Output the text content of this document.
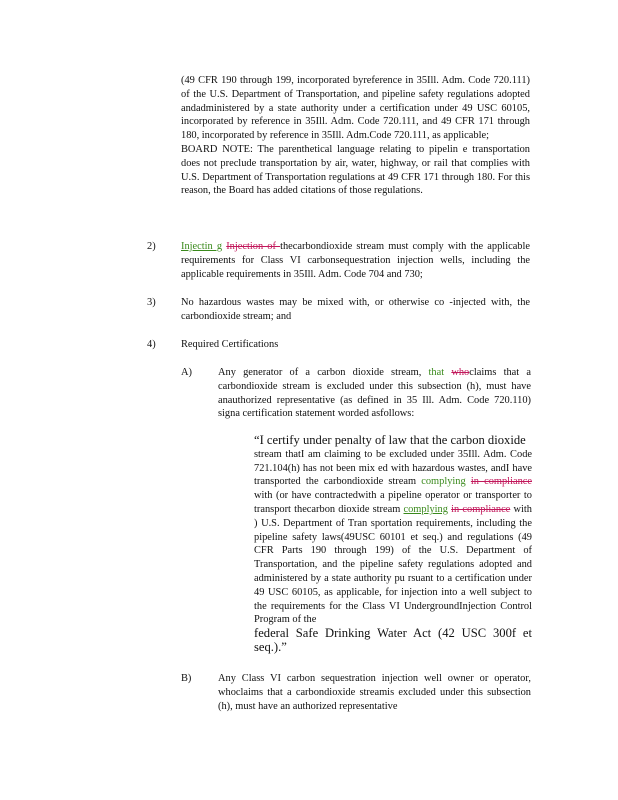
(49 CFR 190 through 199, incorporated byreference in 35Ill. Adm. Code 720.111) of the U.S. Department of Transportation, and pipeline safety regulations adopted andadministered by a state authority under a certification under 49 USC 60105, incorporated by reference in 35Ill. Adm. Code 720.111, and 49 CFR 171 through 180, incorporated by reference in 35Ill. Adm.Code 720.111, as applicable;

BOARD NOTE: The parenthetical language relating to pipelin e transportation does not preclude transportation by air, water, highway, or rail that complies with U.S. Department of Transportation regulations at 49 CFR 171 through 180. For this reason, the Board has added citations of those regulations.

2) Injectin g Injection of thecarbondioxide stream must comply with the applicable requirements for Class VI carbonsequestration injection wells, including the applicable requirements in 35Ill. Adm. Code 704 and 730;
3) No hazardous wastes may be mixed with, or otherwise co -injected with, the carbondioxide stream; and
4) Required Certifications
A)	Any generator of a carbon dioxide stream, that whoclaims that a carbondioxide stream is excluded under this subsection (h), must have anauthorized representative (as defined in 35 Ill. Adm. Code 720.110) signa certification statement worded asfollows:

“I certify under penalty of law that the carbon dioxide

stream thatI am claiming to be excluded under 35Ill. Adm. Code 721.104(h) has not been mix ed with hazardous wastes, andI have transported the carbondioxide stream complying in compliance with (or have contractedwith a pipeline operator or transporter to transport thecarbon dioxide stream complying in compliance with ) U.S. Department of Tran sportation requirements, including the pipeline safety laws(49USC 60101 et seq.) and regulations (49 CFR Parts 190 through 199) of the U.S. Department of Transportation, and the pipeline safety regulations adopted and administered by a state authority pu rsuant to a certification under 49 USC 60105, as applicable, for injection into a well subject to the requirements for the Class VI UndergroundInjection Control Program of the

federal Safe Drinking Water Act (42 USC 300f et seq.).”

B)	Any Class VI carbon sequestration injection well owner or operator, whoclaims that a carbondioxide streamis excluded under this subsection (h), must have an authorized representative
